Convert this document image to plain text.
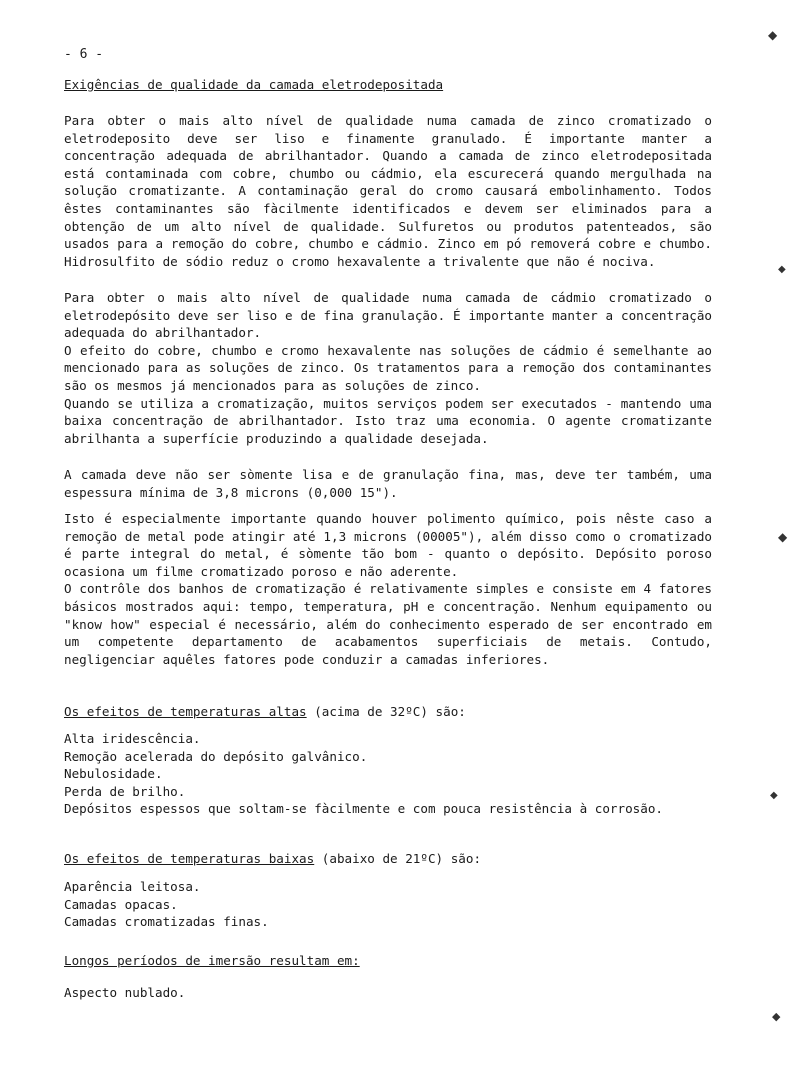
- 6 -
Exigências de qualidade da camada eletrodepositada

Para obter o mais alto nível de qualidade numa camada de zinco cromatizado o eletrodeposito deve ser liso e finamente granulado. É importante manter a concentração adequada de abrilhantador. Quando a camada de zinco eletrodepositada está contaminada com cobre, chumbo ou cádmio, ela escurecerá quando mergulhada na solução cromatizante. A contaminação geral do cromo causará embolinhamento. Todos êstes contaminantes são fàcilmente identificados e devem ser eliminados para a obtenção de um alto nível de qualidade. Sulfuretos ou produtos patenteados, são usados para a remoção do cobre, chumbo e cádmio. Zinco em pó removerá cobre e chumbo. Hidrosulfito de sódio reduz o cromo hexavalente a trivalente que não é nociva.

Para obter o mais alto nível de qualidade numa camada de cádmio cromatizado o eletrodepósito deve ser liso e de fina granulação. É importante manter a concentração adequada do abrilhantador.

O efeito do cobre, chumbo e cromo hexavalente nas soluções de cádmio é semelhante ao mencionado para as soluções de zinco. Os tratamentos para a remoção dos contaminantes são os mesmos já mencionados para as soluções de zinco.

Quando se utiliza a cromatização, muitos serviços podem ser executados - mantendo uma baixa concentração de abrilhantador. Isto traz uma economia. O agente cromatizante abrilhanta a superfície produzindo a qualidade desejada.

A camada deve não ser sòmente lisa e de granulação fina, mas, deve ter também, uma espessura mínima de 3,8 microns (0,000 15").

Isto é especialmente importante quando houver polimento químico, pois nêste caso a remoção de metal pode atingir até 1,3 microns (00005"), além disso como o cromatizado é parte integral do metal, é sòmente tão bom - quanto o depósito. Depósito poroso ocasiona um filme cromatizado poroso e não aderente.

O contrôle dos banhos de cromatização é relativamente simples e consiste em 4 fatores básicos mostrados aqui: tempo, temperatura, pH e concentração. Nenhum equipamento ou "know how" especial é necessário, além do conhecimento esperado de ser encontrado em um competente departamento de acabamentos superficiais de metais. Contudo, negligenciar aquêles fatores pode conduzir a camadas inferiores.

Os efeitos de temperaturas altas (acima de 32ºC) são:
Alta iridescência.
Remoção acelerada do depósito galvânico.
Nebulosidade.
Perda de brilho.
Depósitos espessos que soltam-se fàcilmente e com pouca resistência à corrosão.
Os efeitos de temperaturas baixas (abaixo de 21ºC) são:
Aparência leitosa.
Camadas opacas.
Camadas cromatizadas finas.
Longos períodos de imersão resultam em:
Aspecto nublado.
◆
◆
◆
◆
◆
